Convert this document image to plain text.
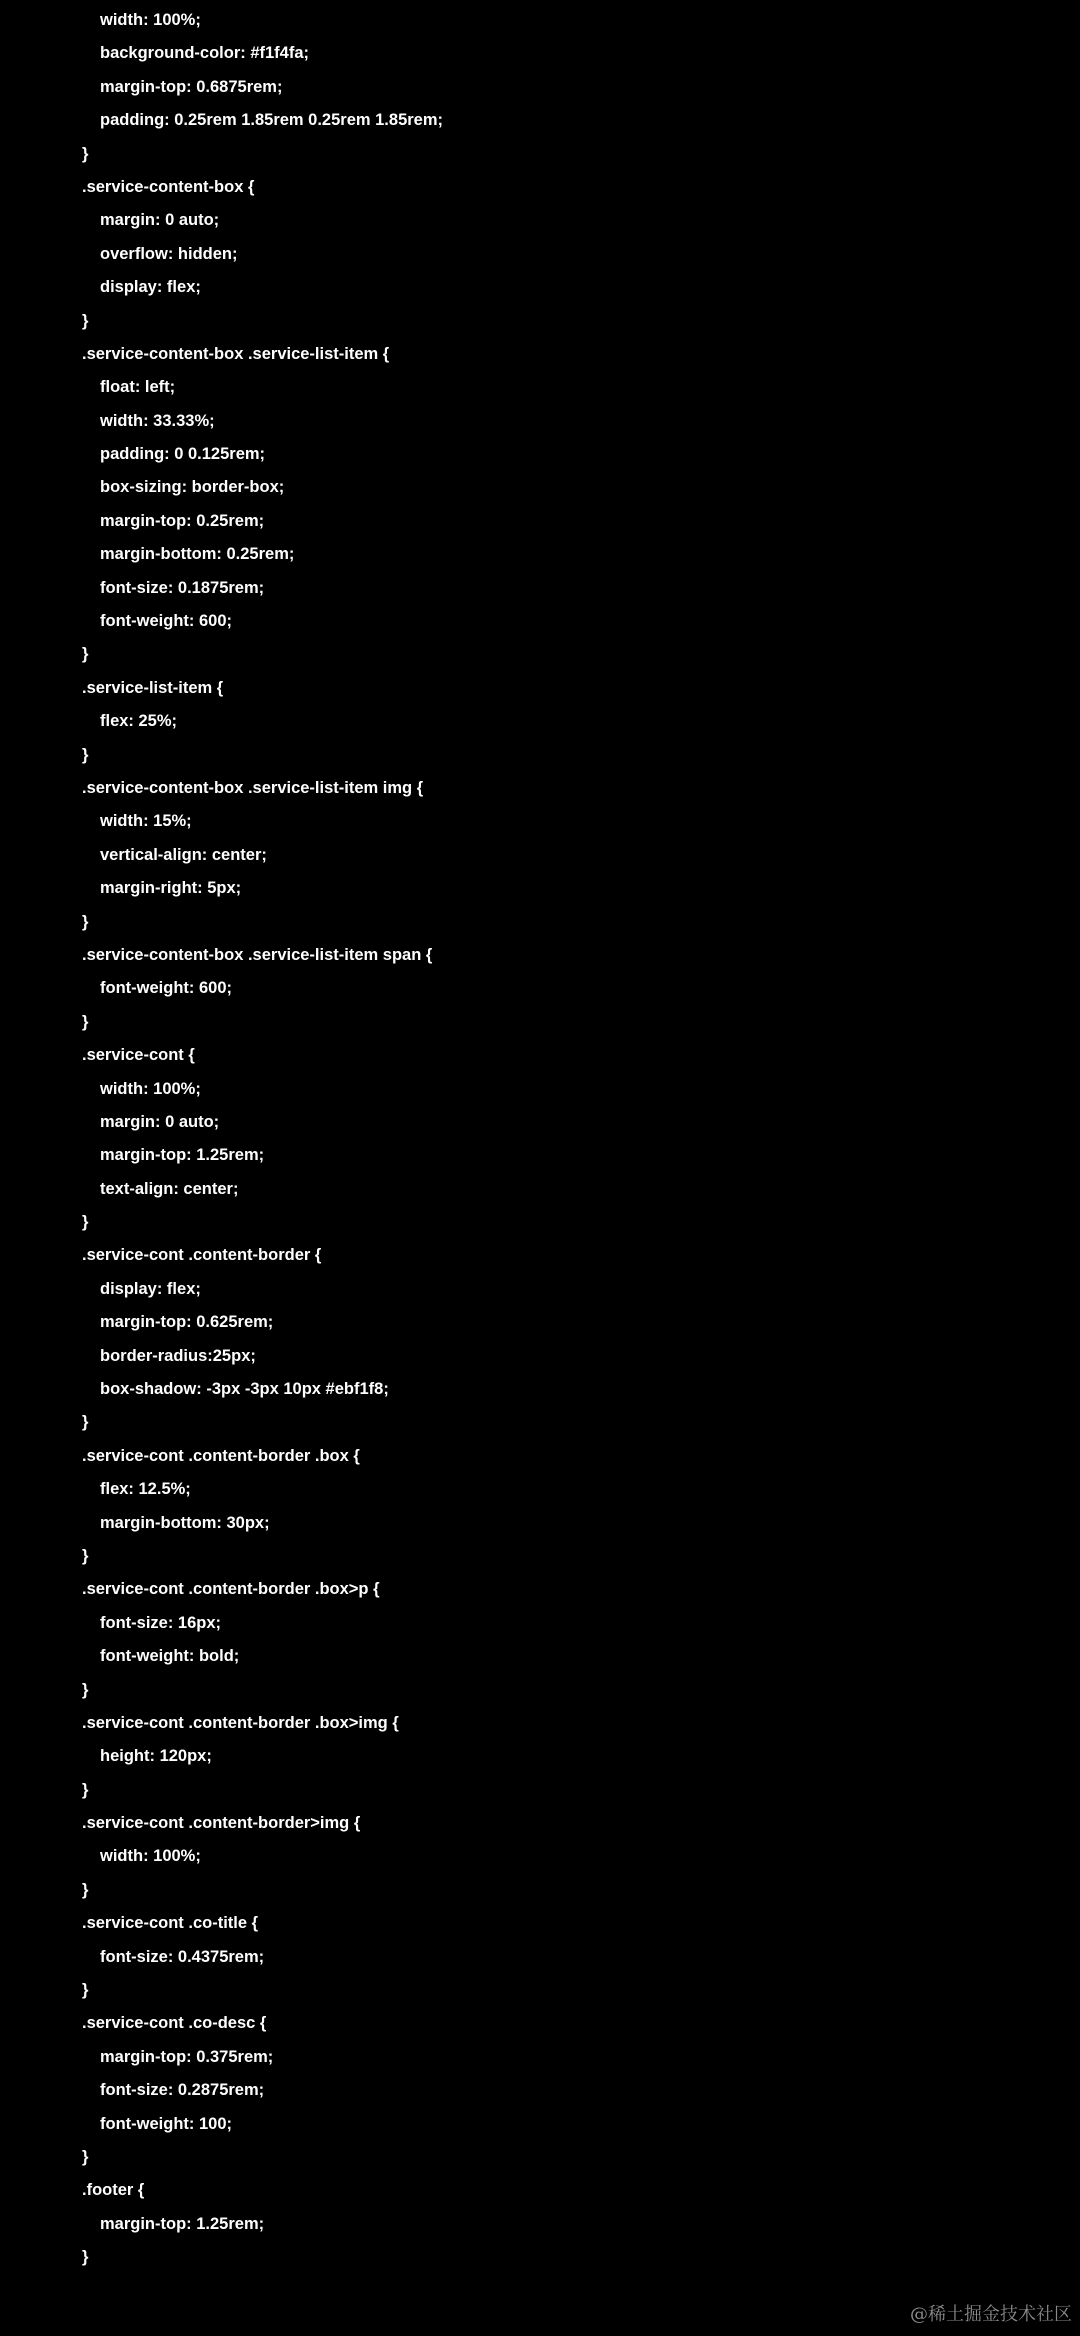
width: 100%;
background-color: #f1f4fa;
margin-top: 0.6875rem;
padding: 0.25rem 1.85rem 0.25rem 1.85rem;
}
.service-content-box {
margin: 0 auto;
overflow: hidden;
display: flex;
}
.service-content-box .service-list-item {
float: left;
width: 33.33%;
padding: 0 0.125rem;
box-sizing: border-box;
margin-top: 0.25rem;
margin-bottom: 0.25rem;
font-size: 0.1875rem;
font-weight: 600;
}
.service-list-item {
flex: 25%;
}
.service-content-box .service-list-item img {
width: 15%;
vertical-align: center;
margin-right: 5px;
}
.service-content-box .service-list-item span {
font-weight: 600;
}
.service-cont {
width: 100%;
margin: 0 auto;
margin-top: 1.25rem;
text-align: center;
}
.service-cont .content-border {
display: flex;
margin-top: 0.625rem;
border-radius:25px;
box-shadow: -3px -3px 10px #ebf1f8;
}
.service-cont .content-border .box {
flex: 12.5%;
margin-bottom: 30px;
}
.service-cont .content-border .box>p {
font-size: 16px;
font-weight: bold;
}
.service-cont .content-border .box>img {
height: 120px;
}
.service-cont .content-border>img {
width: 100%;
}
.service-cont .co-title {
font-size: 0.4375rem;
}
.service-cont .co-desc {
margin-top: 0.375rem;
font-size: 0.2875rem;
font-weight: 100;
}
.footer {
margin-top: 1.25rem;
}
@稀土掘金技术社区
